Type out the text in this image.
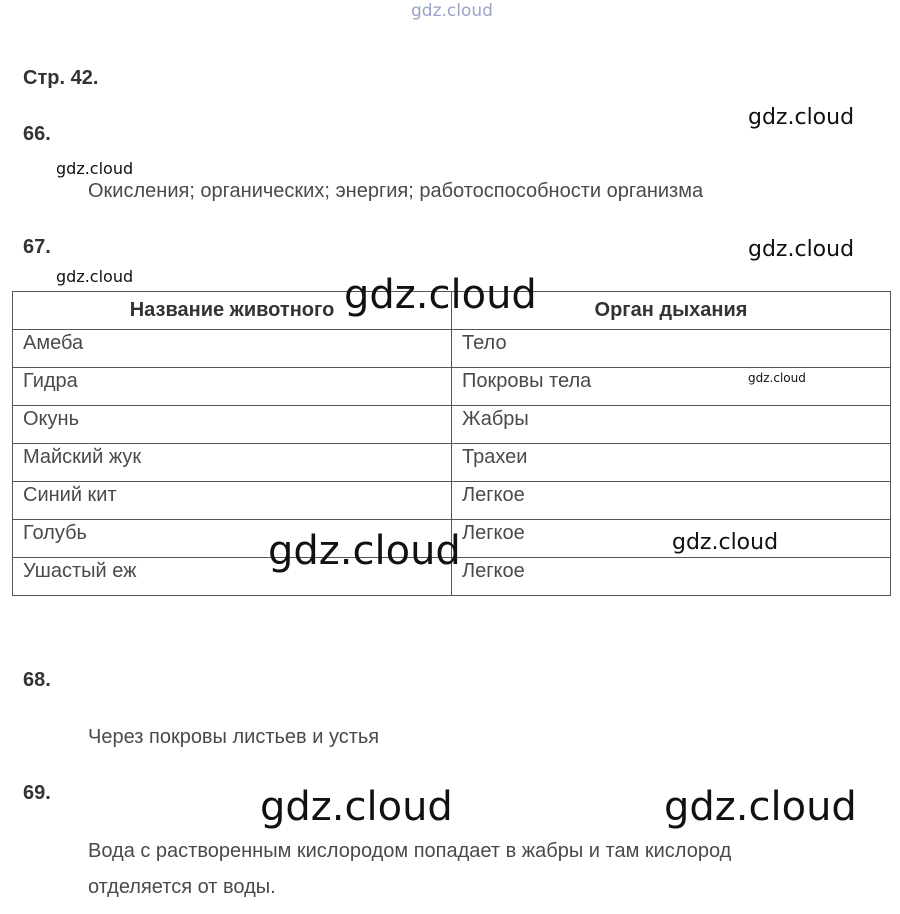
gdz.cloud
Стр. 42.
66.
gdz.cloud
gdz.cloud
Окисления; органических; энергия; работоспособности организма
67.	gdz.cloud
gdz.cloud
Название животного	Орган дыхания
Амеба	Тело
Гидра	Покровы тела
Окунь	Жабры
Майский жук	Трахеи
Синий кит	Легкое
Голубь	Легкое
Ушастый еж	Легкое
gdz.cloud
gdz.cloud
gdz.cloud	gdz.cloud
68.
Через покровы листьев и устья
69.	gdz.cloud	gdz.cloud
Вода с растворенным кислородом попадает в жабры и там кислород
отделяется от воды.
